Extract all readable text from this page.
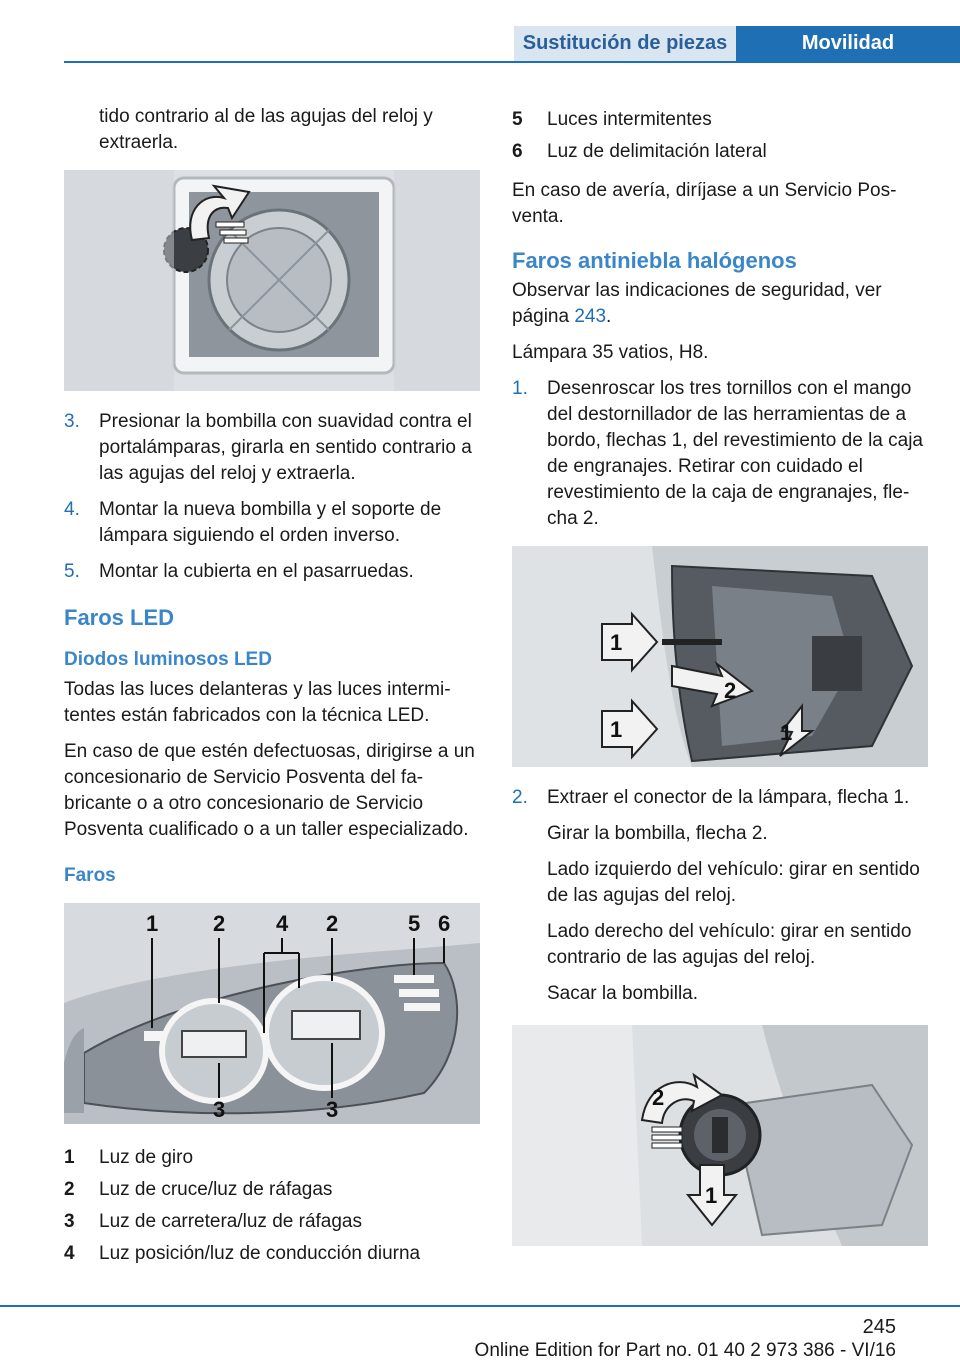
Sustitución de piezas	Movilidad

tido contrario al de las agujas del reloj y extraerla.

3.	Presionar la bombilla con suavidad contra el portalámparas, girarla en sentido contrario a las agujas del reloj y extraerla.
4.	Montar la nueva bombilla y el soporte de lámpara siguiendo el orden inverso.
5.	Montar la cubierta en el pasarruedas.
Faros LED
Diodos luminosos LED

Todas las luces delanteras y las luces intermitentes están fabricados con la técnica LED.

En caso de que estén defectuosas, dirigirse a un concesionario de Servicio Posventa del fabricante o a otro concesionario de Servicio Posventa cualificado o a un taller especializado.

Faros
1 2 4 2	5 6
3	3
1	Luz de giro
2	Luz de cruce/luz de ráfagas
3	Luz de carretera/luz de ráfagas
4	Luz posición/luz de conducción diurna
5	Luces intermitentes
6	Luz de delimitación lateral

En caso de avería, diríjase a un Servicio Posventa.

Faros antiniebla halógenos

Observar las indicaciones de seguridad, ver página 243.

Lámpara 35 vatios, H8.

1.	Desenroscar los tres tornillos con el mango del destornillador de las herramientas de a bordo, flechas 1, del revestimiento de la caja de engranajes. Retirar con cuidado el revestimiento de la caja de engranajes, flecha 2.
1
2
1	1
2.	Extraer el conector de la lámpara, flecha 1.

Girar la bombilla, flecha 2.

Lado izquierdo del vehículo: girar en sentido de las agujas del reloj.

Lado derecho del vehículo: girar en sentido contrario de las agujas del reloj.

Sacar la bombilla.

2
1
245
Online Edition for Part no. 01 40 2 973 386 - VI/16
